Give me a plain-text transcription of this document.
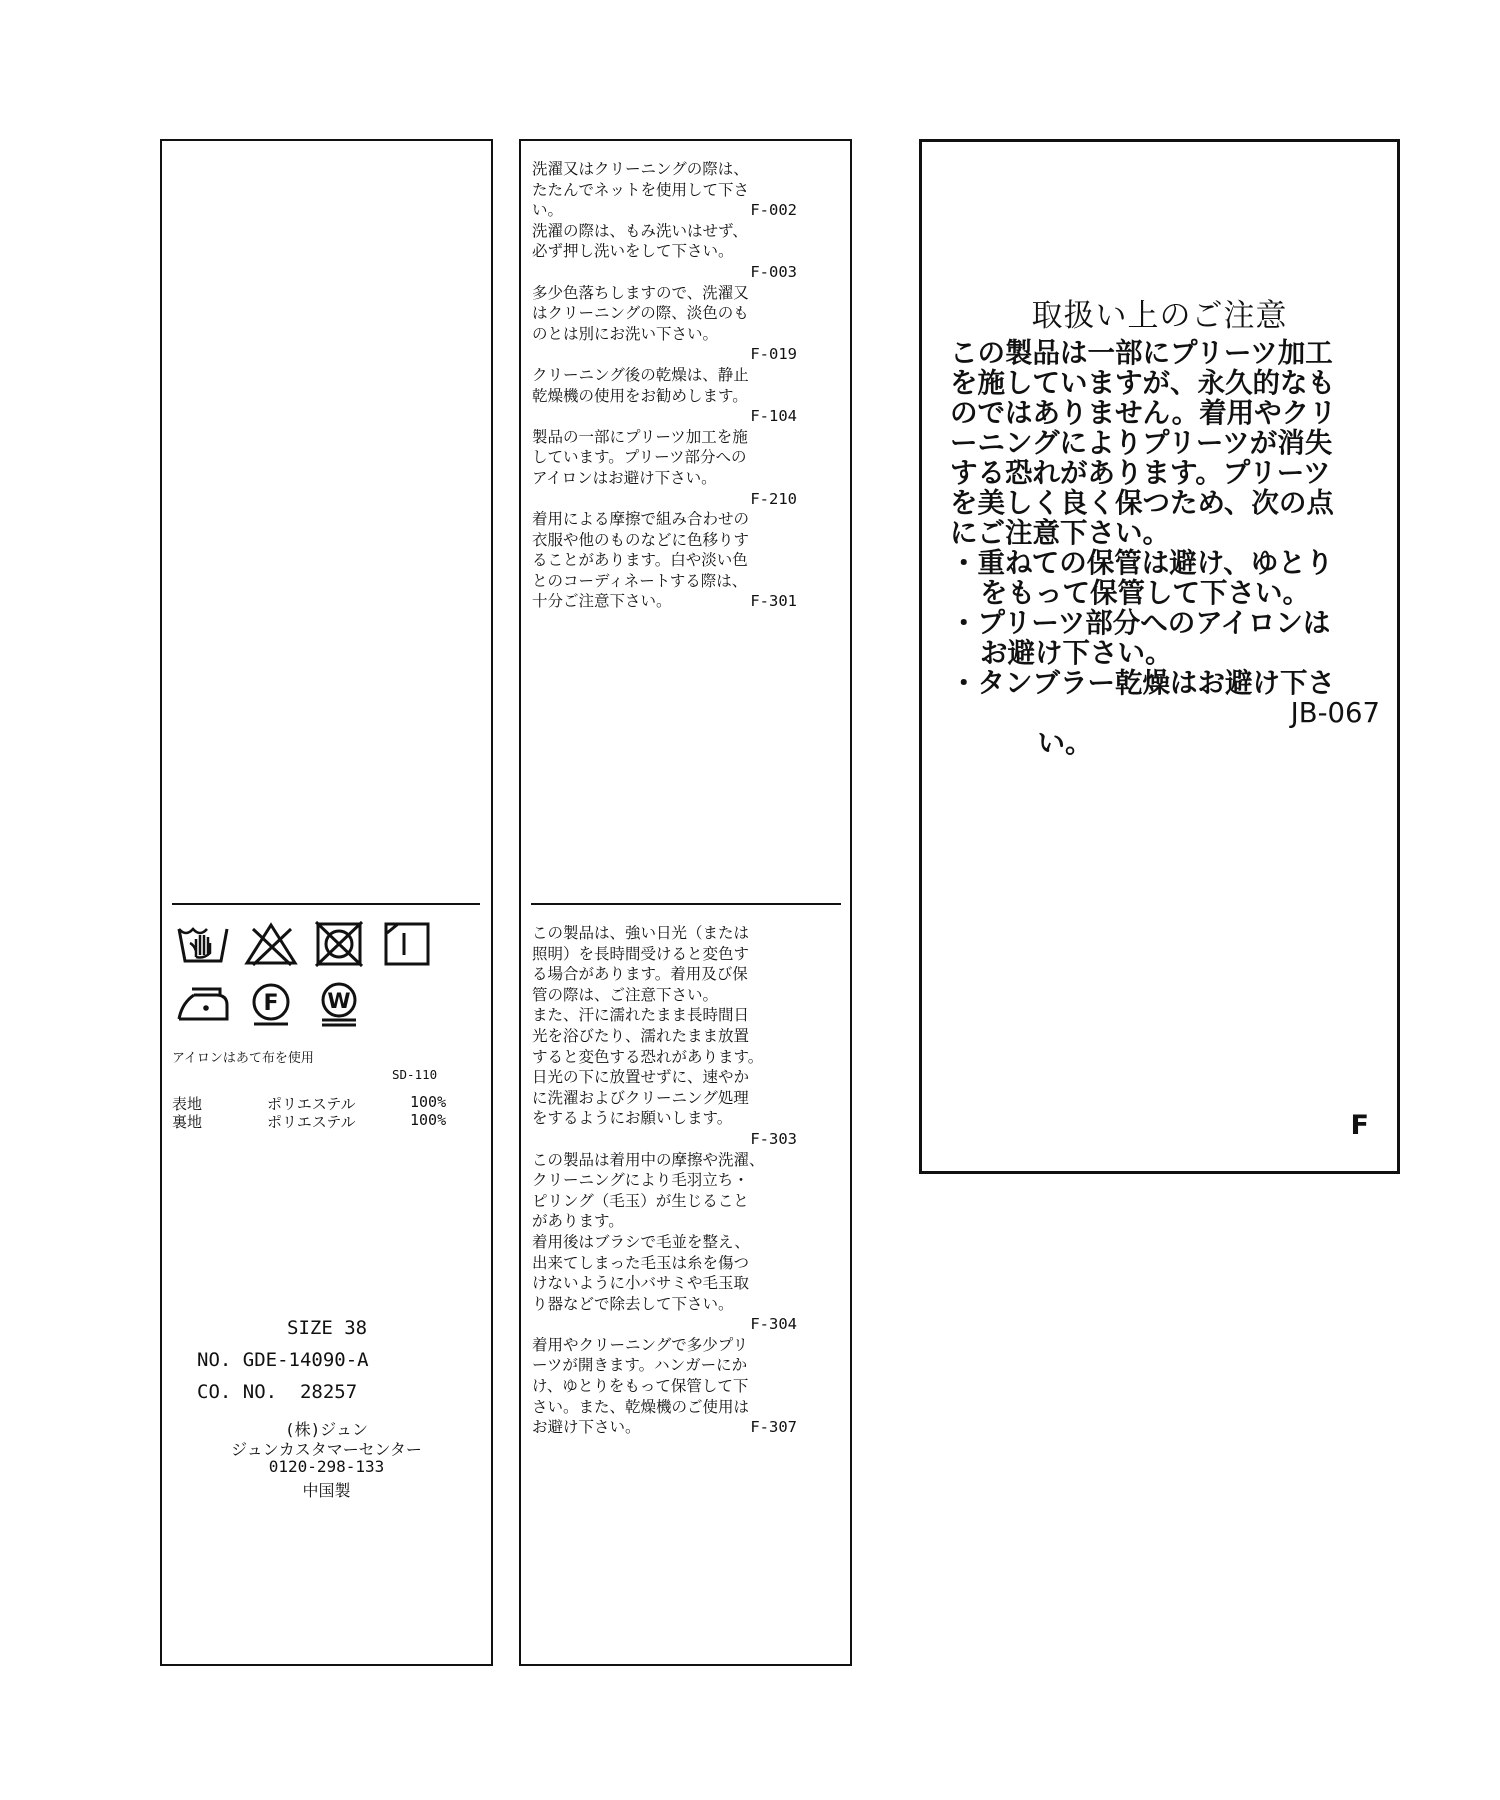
F W
アイロンはあて布を使用
SD-110
表地	ポリエステル	100%
裏地	ポリエステル	100%
SIZE 38
NO. GDE-14090-A
CO. NO.  28257
(株)ジュン
ジュンカスタマーセンター
0120-298-133
中国製
洗濯又はクリーニングの際は、
たたんでネットを使用して下さ
い。	F-002
洗濯の際は、もみ洗いはせず、
必ず押し洗いをして下さい。
F-003
多少色落ちしますので、洗濯又
はクリーニングの際、淡色のも
のとは別にお洗い下さい。
F-019
クリーニング後の乾燥は、静止
乾燥機の使用をお勧めします。
F-104
製品の一部にプリーツ加工を施
しています。プリーツ部分への
アイロンはお避け下さい。
F-210
着用による摩擦で組み合わせの
衣服や他のものなどに色移りす
ることがあります。白や淡い色
とのコーディネートする際は、
十分ご注意下さい。	F-301
この製品は、強い日光（または
照明）を長時間受けると変色す
る場合があります。着用及び保
管の際は、ご注意下さい。
また、汗に濡れたまま長時間日
光を浴びたり、濡れたまま放置
すると変色する恐れがあります。
日光の下に放置せずに、速やか
に洗濯およびクリーニング処理
をするようにお願いします。
F-303
この製品は着用中の摩擦や洗濯、
クリーニングにより毛羽立ち・
ピリング（毛玉）が生じること
があります。
着用後はブラシで毛並を整え、
出来てしまった毛玉は糸を傷つ
けないように小バサミや毛玉取
り器などで除去して下さい。
F-304
着用やクリーニングで多少プリ
ーツが開きます。ハンガーにか
け、ゆとりをもって保管して下
さい。また、乾燥機のご使用は
お避け下さい。	F-307
取扱い上のご注意
この製品は一部にプリーツ加工
を施していますが、永久的なも
のではありません。着用やクリ
ーニングによりプリーツが消失
する恐れがあります。プリーツ
を美しく良く保つため、次の点
にご注意下さい。
・重ねての保管は避け、ゆとり
をもって保管して下さい。
・プリーツ部分へのアイロンは
お避け下さい。
・タンブラー乾燥はお避け下さ

い。

JB-067

F
